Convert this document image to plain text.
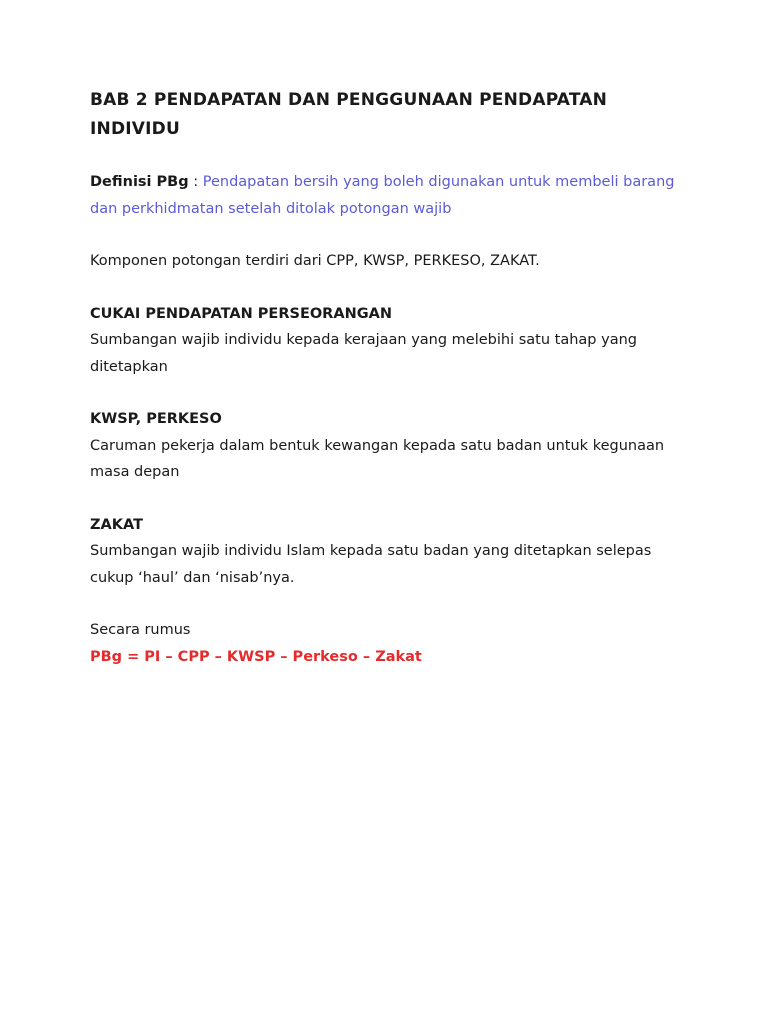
BAB 2 PENDAPATAN DAN PENGGUNAAN PENDAPATAN INDIVIDU

Definisi PBg : Pendapatan bersih yang boleh digunakan untuk membeli barang dan perkhidmatan setelah ditolak potongan wajib

Komponen potongan terdiri dari CPP, KWSP, PERKESO, ZAKAT.

CUKAI PENDAPATAN PERSEORANGAN

Sumbangan wajib individu kepada kerajaan yang melebihi satu tahap yang ditetapkan

KWSP, PERKESO

Caruman pekerja dalam bentuk kewangan kepada satu badan untuk kegunaan masa depan

ZAKAT

Sumbangan wajib individu Islam kepada satu badan yang ditetapkan selepas cukup ‘haul’ dan ‘nisab’nya.

Secara rumus

PBg = PI – CPP – KWSP – Perkeso – Zakat
